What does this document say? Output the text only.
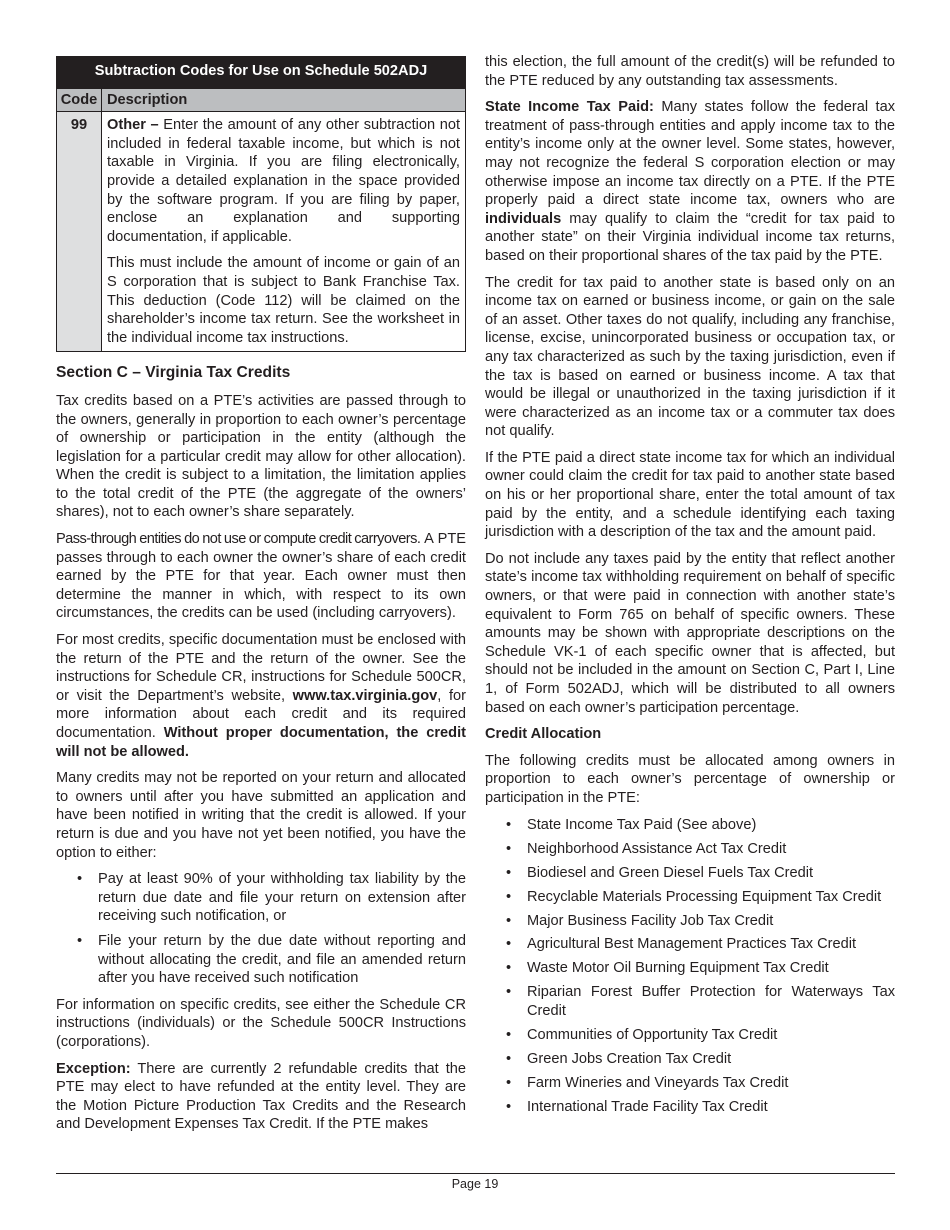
Subtraction Codes for Use on Schedule 502ADJ	
Code	Description
99	Other – Enter the amount of any other subtraction not included in federal taxable income, but which is not taxable in Virginia. If you are filing electronically, provide a detailed explanation in the space provided by the software program. If you are filing by paper, enclose an explanation and supporting documentation, if applicable.

This must include the amount of income or gain of an S corporation that is subject to Bank Franchise Tax. This deduction (Code 112) will be claimed on the shareholder’s income tax return. See the worksheet in the individual income tax instructions.

Section C – Virginia Tax Credits

Tax credits based on a PTE’s activities are passed through to the owners, generally in proportion to each owner’s percentage of ownership or participation in the entity (although the legislation for a particular credit may allow for other allocation). When the credit is subject to a limitation, the limitation applies to the total credit of the PTE (the aggregate of the owners’ shares), not to each owner’s share separately.

Pass-through entities do not use or compute credit carryovers. A PTE passes through to each owner the owner’s share of each credit earned by the PTE for that year. Each owner must then determine the manner in which, with respect to its own circumstances, the credits can be used (including carryovers).

For most credits, specific documentation must be enclosed with the return of the PTE and the return of the owner. See the instructions for Schedule CR, instructions for Schedule 500CR, or visit the Department’s website, www.tax.virginia.gov, for more information about each credit and its required documentation. Without proper documentation, the credit will not be allowed.

Many credits may not be reported on your return and allocated to owners until after you have submitted an application and have been notified in writing that the credit is allowed. If your return is due and you have not yet been notified, you have the option to either:

• Pay at least 90% of your withholding tax liability by the return due date and file your return on extension after receiving such notification, or
• File your return by the due date without reporting and without allocating the credit, and file an amended return after you have received such notification

For information on specific credits, see either the Schedule CR instructions (individuals) or the Schedule 500CR Instructions (corporations).

Exception: There are currently 2 refundable credits that the PTE may elect to have refunded at the entity level. They are the Motion Picture Production Tax Credits and the Research and Development Expenses Tax Credit. If the PTE makes

this election, the full amount of the credit(s) will be refunded to the PTE reduced by any outstanding tax assessments.

State Income Tax Paid: Many states follow the federal tax treatment of pass-through entities and apply income tax to the entity’s income only at the owner level. Some states, however, may not recognize the federal S corporation election or may otherwise impose an income tax directly on a PTE. If the PTE properly paid a direct state income tax, owners who are individuals may qualify to claim the “credit for tax paid to another state” on their Virginia individual income tax returns, based on their proportional shares of the tax paid by the PTE.

The credit for tax paid to another state is based only on an income tax on earned or business income, or gain on the sale of an asset. Other taxes do not qualify, including any franchise, license, excise, unincorporated business or occupation tax, or any tax characterized as such by the taxing jurisdiction, even if the tax is based on earned or business income. A tax that would be illegal or unauthorized in the taxing jurisdiction if it were characterized as an income tax or a commuter tax does not qualify.

If the PTE paid a direct state income tax for which an individual owner could claim the credit for tax paid to another state based on his or her proportional share, enter the total amount of tax paid by the entity, and a schedule identifying each taxing jurisdiction with a description of the tax and the amount paid.

Do not include any taxes paid by the entity that reflect another state’s income tax withholding requirement on behalf of specific owners, or that were paid in connection with another state’s equivalent to Form 765 on behalf of specific owners. These amounts may be shown with appropriate descriptions on the Schedule VK-1 of each specific owner that is affected, but should not be included in the amount on Section C, Part I, Line 1, of Form 502ADJ, which will be distributed to all owners based on each owner’s participation percentage.

Credit Allocation

The following credits must be allocated among owners in proportion to each owner’s percentage of ownership or participation in the PTE:

• State Income Tax Paid (See above)
• Neighborhood Assistance Act Tax Credit
• Biodiesel and Green Diesel Fuels Tax Credit
• Recyclable Materials Processing Equipment Tax Credit
• Major Business Facility Job Tax Credit
• Agricultural Best Management Practices Tax Credit
• Waste Motor Oil Burning Equipment Tax Credit
• Riparian Forest Buffer Protection for Waterways Tax Credit
• Communities of Opportunity Tax Credit
• Green Jobs Creation Tax Credit
• Farm Wineries and Vineyards Tax Credit
• International Trade Facility Tax Credit
Page 19
